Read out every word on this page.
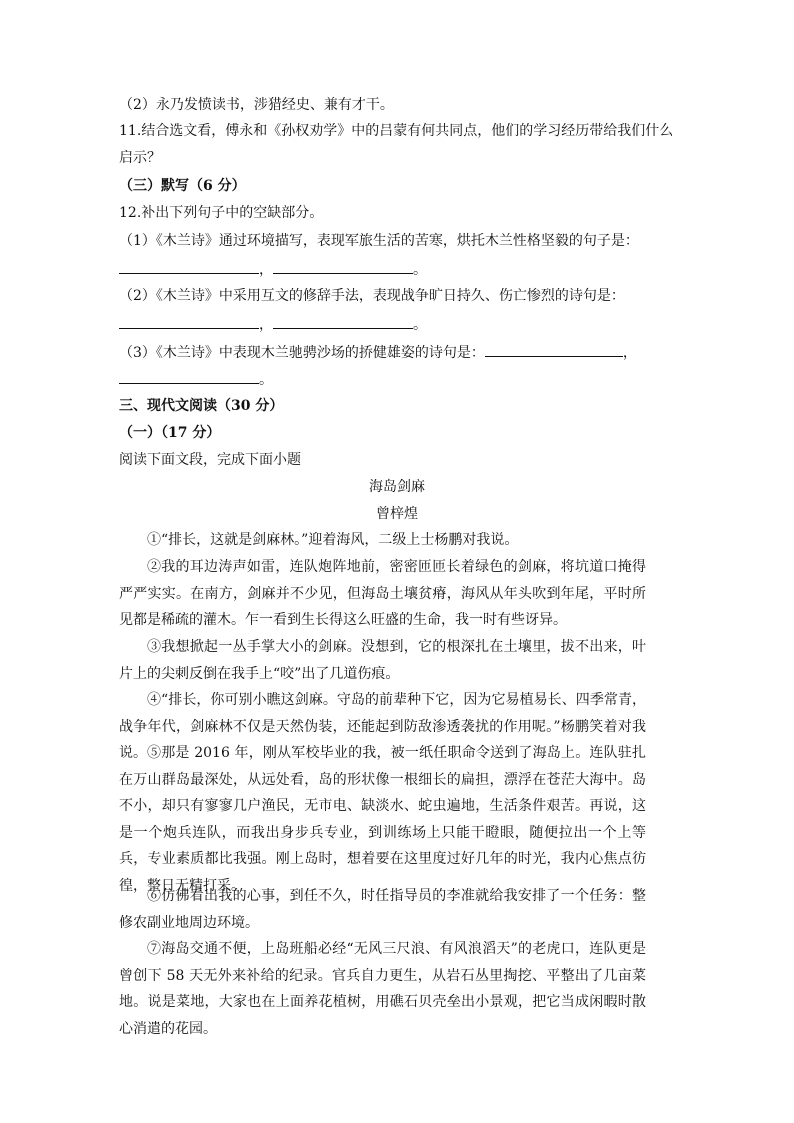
（2）永乃发愤读书，涉猎经史、兼有才干。
11.结合选文看，傅永和《孙权劝学》中的吕蒙有何共同点，他们的学习经历带给我们什么
启示？
（三）默写（6 分）
12.补出下列句子中的空缺部分。
（1）《木兰诗》通过环境描写，表现军旅生活的苦寒，烘托木兰性格坚毅的句子是：
，	。
（2）《木兰诗》中采用互文的修辞手法，表现战争旷日持久、伤亡惨烈的诗句是：
，	。
（3）《木兰诗》中表现木兰驰骋沙场的挢健雄姿的诗句是：	，
。
三、现代文阅读（30 分）
（一）（17 分）
阅读下面文段，完成下面小题
海岛剑麻
曾梓煌
①“排长，这就是剑麻林。”迎着海风，二级上士杨鹏对我说。
②我的耳边涛声如雷，连队炮阵地前，密密匝匝长着绿色的剑麻，将坑道口掩得严严实实。在南方，剑麻并不少见，但海岛土壤贫瘠，海风从年头吹到年尾，平时所见都是稀疏的灌木。乍一看到生长得这么旺盛的生命，我一时有些讶异。
③我想掀起一丛手掌大小的剑麻。没想到，它的根深扎在土壤里，拔不出来，叶片上的尖刺反倒在我手上“咬”出了几道伤痕。
④“排长，你可别小瞧这剑麻。守岛的前辈种下它，因为它易植易长、四季常青，战争年代，剑麻林不仅是天然伪装，还能起到防敌渗透袭扰的作用呢。”杨鹏笑着对我说。 ⑤那是 2016 年，刚从军校毕业的我，被一纸任职命令送到了海岛上。连队驻扎在万山群岛最深处，从远处看，岛的形状像一根细长的扁担，漂浮在苍茫大海中。岛不小，却只有寥寥几户渔民，无市电、缺淡水、蛇虫遍地，生活条件艰苦。再说，这是一个炮兵连队，而我出身步兵专业，到训练场上只能干瞪眼，随便拉出一个上等兵，专业素质都比我强。刚上岛时，想着要在这里度过好几年的时光，我内心焦点彷徨，整日无精打采。
⑥仿佛看出我的心事，到任不久，时任指导员的李准就给我安排了一个任务：整修农副业地周边环境。
⑦海岛交通不便，上岛班船必经“无风三尺浪、有风浪滔天”的老虎口，连队更是曾创下 58 天无外来补给的纪录。官兵自力更生，从岩石丛里掏挖、平整出了几亩菜地。说是菜地，大家也在上面养花植树，用礁石贝壳垒出小景观，把它当成闲暇时散心消遣的花园。
